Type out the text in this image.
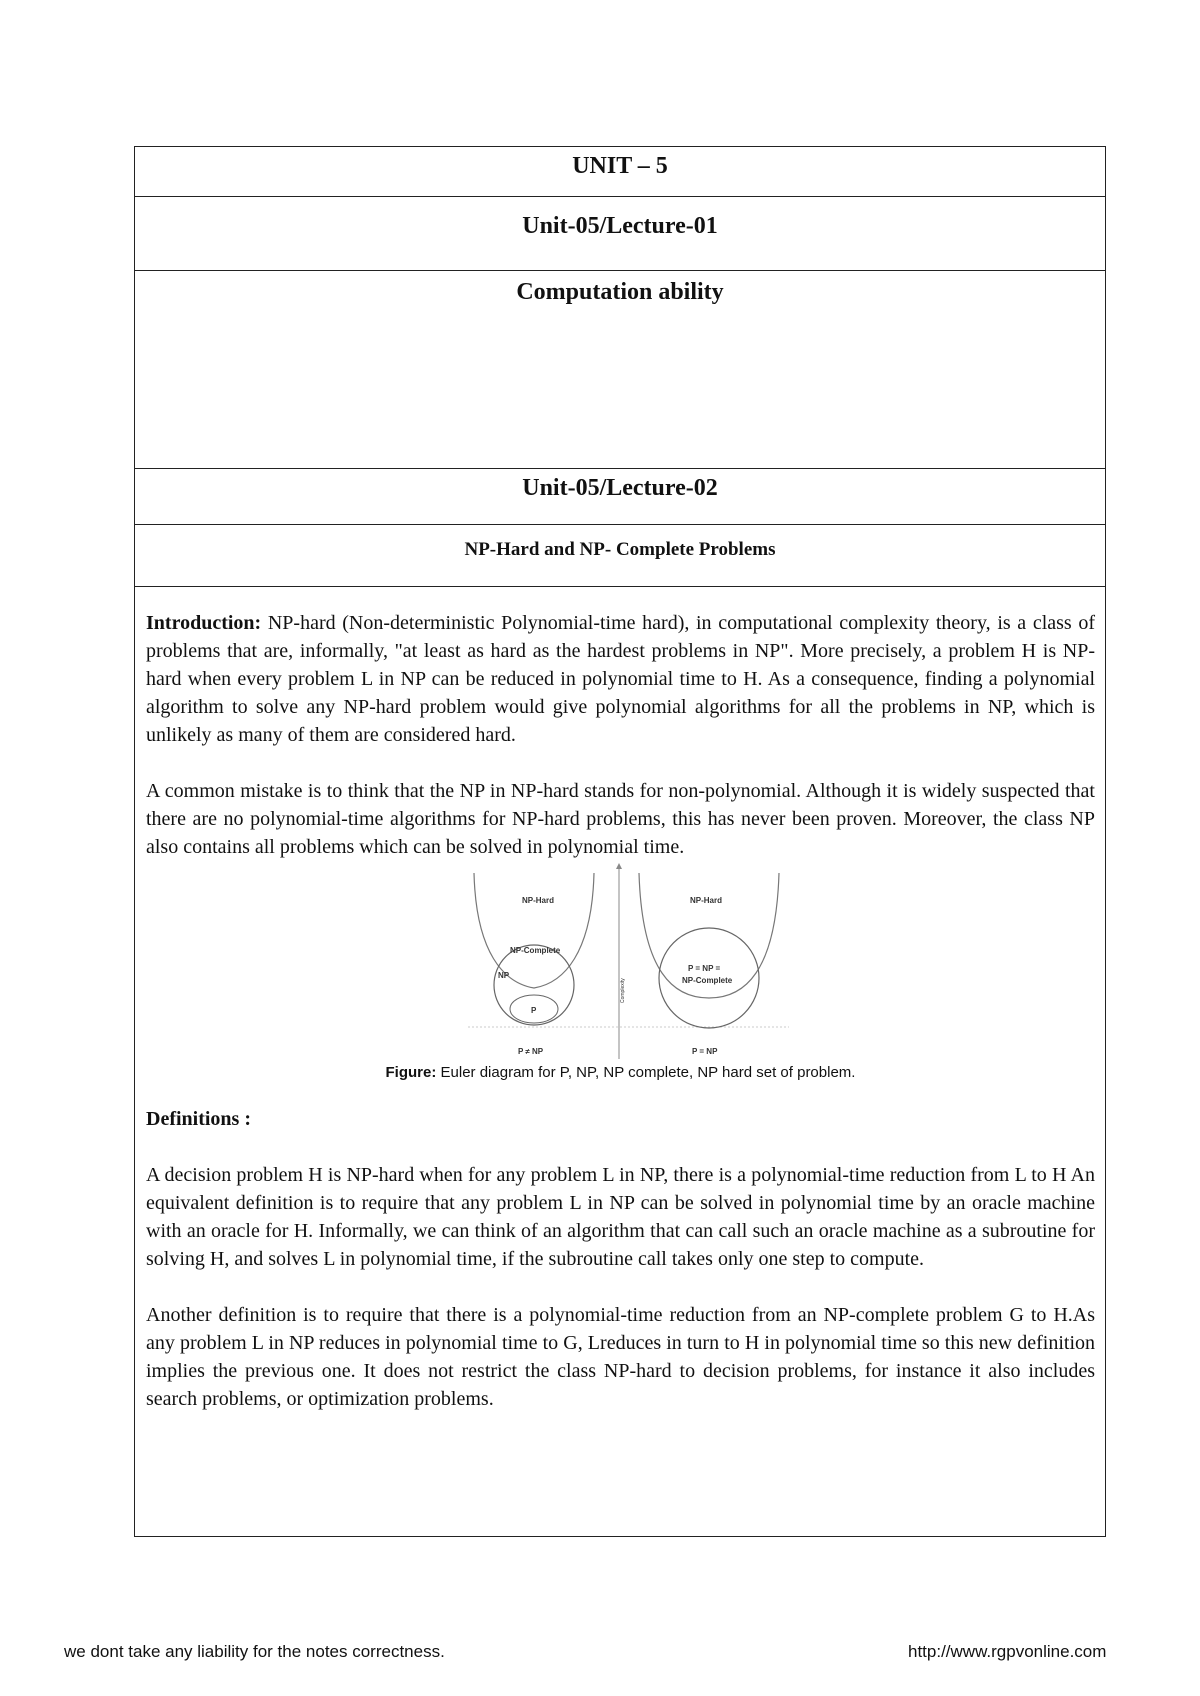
UNIT – 5
Unit-05/Lecture-01
Computation ability
Unit-05/Lecture-02
NP-Hard and NP- Complete Problems

Introduction: NP-hard (Non-deterministic Polynomial-time hard), in computational complexity theory, is a class of problems that are, informally, "at least as hard as the hardest problems in NP". More precisely, a problem H is NP-hard when every problem L in NP can be reduced in polynomial time to H. As a consequence, finding a polynomial algorithm to solve any NP-hard problem would give polynomial algorithms for all the problems in NP, which is unlikely as many of them are considered hard.

A common mistake is to think that the NP in NP-hard stands for non-polynomial. Although it is widely suspected that there are no polynomial-time algorithms for NP-hard problems, this has never been proven. Moreover, the class NP also contains all problems which can be solved in polynomial time.

NP-Hard
NP-Complete
NP
P
P ≠ NP
Complexity
NP-Hard
P = NP =
NP-Complete
P = NP
Figure: Euler diagram for P, NP, NP complete, NP hard set of problem.

Definitions :

A decision problem H is NP-hard when for any problem L in NP, there is a polynomial-time reduction from L to H An equivalent definition is to require that any problem L in NP can be solved in polynomial time by an oracle machine with an oracle for H. Informally, we can think of an algorithm that can call such an oracle machine as a subroutine for solving H, and solves L in polynomial time, if the subroutine call takes only one step to compute.

Another definition is to require that there is a polynomial-time reduction from an NP-complete problem G to H.As any problem L in NP reduces in polynomial time to G, Lreduces in turn to H in polynomial time so this new definition implies the previous one. It does not restrict the class NP-hard to decision problems, for instance it also includes search problems, or optimization problems.

we dont take any liability for the notes correctness.	http://www.rgpvonline.com
